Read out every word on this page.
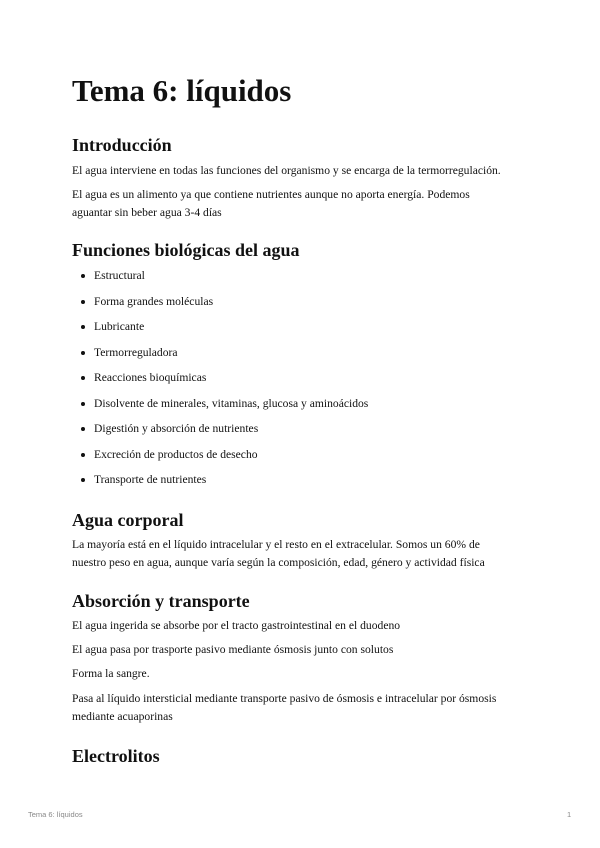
Tema 6: líquidos
Introducción

El agua interviene en todas las funciones del organismo y se encarga de la termorregulación.

El agua es un alimento ya que contiene nutrientes aunque no aporta energía. Podemos aguantar sin beber agua 3-4 días

Funciones biológicas del agua
Estructural
Forma grandes moléculas
Lubricante
Termorreguladora
Reacciones bioquímicas
Disolvente de minerales, vitaminas, glucosa y aminoácidos
Digestión y absorción de nutrientes
Excreción de productos de desecho
Transporte de nutrientes
Agua corporal

La mayoría está en el líquido intracelular y el resto en el extracelular. Somos un 60% de nuestro peso en agua, aunque varía según la composición, edad, género y actividad física

Absorción y transporte

El agua ingerida se absorbe por el tracto gastrointestinal en el duodeno

El agua pasa por trasporte pasivo mediante ósmosis junto con solutos

Forma la sangre.

Pasa al líquido intersticial mediante transporte pasivo de ósmosis e intracelular por ósmosis mediante acuaporinas

Electrolitos
Tema 6: líquidos	1
